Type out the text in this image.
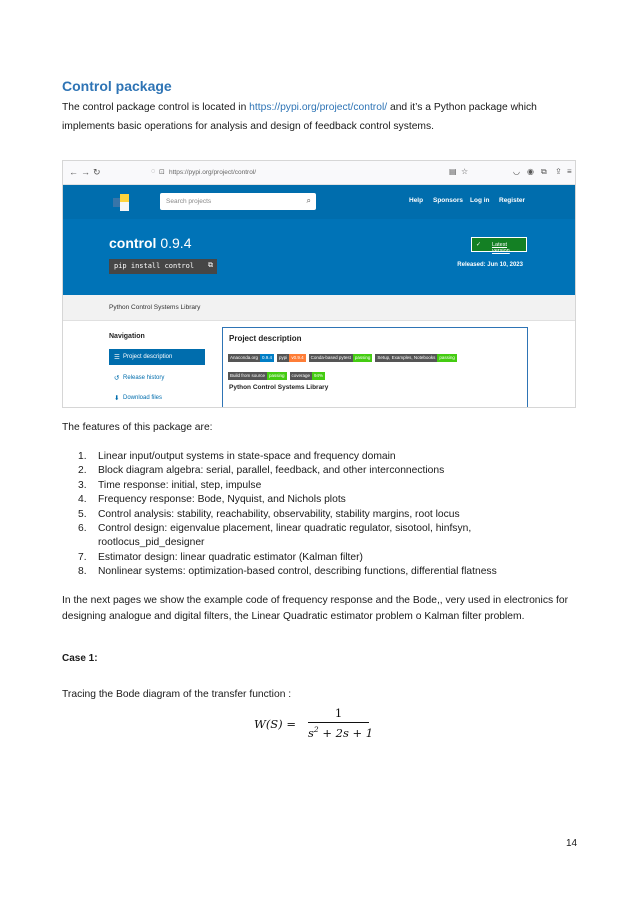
Control package

The control package control is located in https://pypi.org/project/control/ and it’s a Python package which implements basic operations for analysis and design of feedback control systems.

← → ↻	◌ ⊡ https://pypi.org/project/control/	▤ ☆	◡ ◉ ⧉ ⇪ ≡
Search projects	⌕	Help Sponsors Log in Register
control 0.9.4
pip install control ⧉
✓ Latest version
Released: Jun 10, 2023
Python Control Systems Library
Navigation
☰ Project description
↺ Release history
⬇ Download files
Project description
Anaconda.org 0.9.4 pypi v0.9.4 Conda-based pytest passing Setup, Examples, Notebooks passing
Build from source passing coverage 94%
Python Control Systems Library

The features of this package are:

1. Linear input/output systems in state-space and frequency domain
2. Block diagram algebra: serial, parallel, feedback, and other interconnections
3. Time response: initial, step, impulse
4. Frequency response: Bode, Nyquist, and Nichols plots
5. Control analysis: stability, reachability, observability, stability margins, root locus
6. Control design: eigenvalue placement, linear quadratic regulator, sisotool, hinfsyn, rootlocus_pid_designer
7. Estimator design: linear quadratic estimator (Kalman filter)
8. Nonlinear systems: optimization-based control, describing functions, differential flatness

In the next pages we show the example code of frequency response and the Bode,, very used in electronics for designing analogue and digital filters, the Linear Quadratic estimator problem o Kalman filter problem.

Case 1:

Tracing the Bode diagram of the transfer function :

W(S) =
1
$s^2 + 2s + 1$
14
